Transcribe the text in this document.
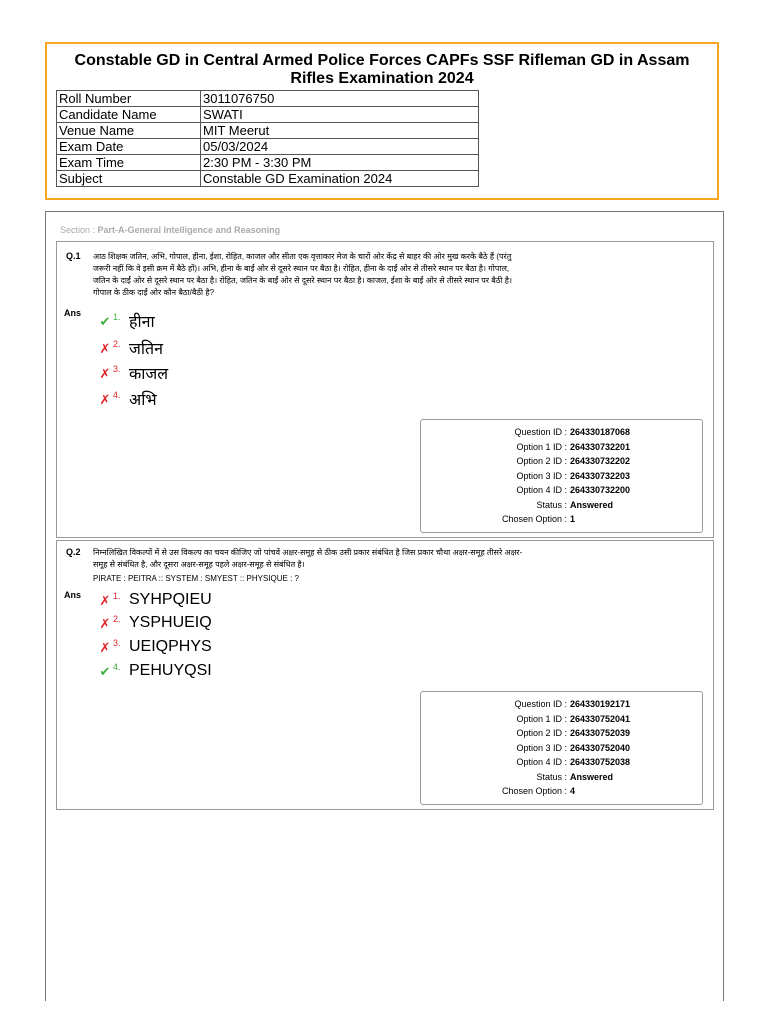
Constable GD in Central Armed Police Forces CAPFs SSF Rifleman GD in Assam Rifles Examination 2024
Roll Number	3011076750
Candidate Name	SWATI
Venue Name	MIT Meerut
Exam Date	05/03/2024
Exam Time	2:30 PM - 3:30 PM
Subject	Constable GD Examination 2024
Section : Part-A-General Intelligence and Reasoning
Q.1 आठ शिक्षक जतिन, अभि, गोपाल, हीना, ईशा, रोहित, काजल और सीता एक वृत्ताकार मेज के चारों ओर केंद्र से बाहर की ओर मुख करके बैठे हैं (परंतु जरूरी नहीं कि वे इसी क्रम में बैठे हों)। अभि, हीना के बाईं ओर से दूसरे स्थान पर बैठा है। रोहित, हीना के दाईं ओर से तीसरे स्थान पर बैठा है। गोपाल, जतिन के दाईं ओर से दूसरे स्थान पर बैठा है। रोहित, जतिन के बाईं ओर से दूसरे स्थान पर बैठा है। काजल, ईशा के बाईं ओर से तीसरे स्थान पर बैठी है। गोपाल के ठीक दाईं ओर कौन बैठा/बैठी है?
Ans
✔ 1. हीना
✗ 2. जतिन
✗ 3. काजल
✗ 4. अभि
Question ID : 264330187068
Option 1 ID : 264330732201
Option 2 ID : 264330732202
Option 3 ID : 264330732203
Option 4 ID : 264330732200
Status : Answered
Chosen Option : 1
Q.2 निम्नलिखित विकल्पों में से उस विकल्प का चयन कीजिए जो पांचवें अक्षर-समूह से ठीक उसी प्रकार संबंधित है जिस प्रकार चौथा अक्षर-समूह तीसरे अक्षर-समूह से संबंधित है, और दूसरा अक्षर-समूह पहले अक्षर-समूह से संबंधित है।
PIRATE : PEITRA :: SYSTEM : SMYEST :: PHYSIQUE : ?
Ans ✗ 1. SYHPQIEU
✗ 2. YSPHUEIQ
✗ 3. UEIQPHYS
✔ 4. PEHUYQSI
Question ID : 264330192171
Option 1 ID : 264330752041
Option 2 ID : 264330752039
Option 3 ID : 264330752040
Option 4 ID : 264330752038
Status : Answered
Chosen Option : 4
